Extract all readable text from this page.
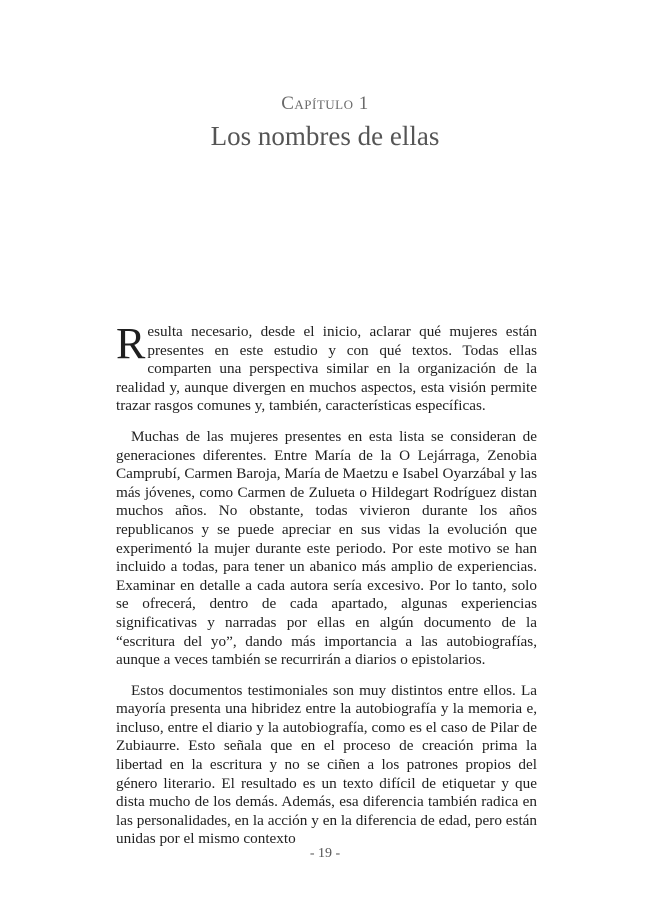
Capítulo 1
Los nombres de ellas

Resulta necesario, desde el inicio, aclarar qué mujeres están presentes en este estudio y con qué textos. Todas ellas comparten una perspectiva similar en la organización de la realidad y, aunque divergen en muchos aspectos, esta visión permite trazar rasgos comunes y, también, características específicas.

Muchas de las mujeres presentes en esta lista se consideran de generaciones diferentes. Entre María de la O Lejárraga, Zenobia Camprubí, Carmen Baroja, María de Maetzu e Isabel Oyarzábal y las más jóvenes, como Carmen de Zulueta o Hildegart Rodríguez distan muchos años. No obstante, todas vivieron durante los años republicanos y se puede apreciar en sus vidas la evolución que experimentó la mujer durante este periodo. Por este motivo se han incluido a todas, para tener un abanico más amplio de experiencias. Examinar en detalle a cada autora sería excesivo. Por lo tanto, solo se ofrecerá, dentro de cada apartado, algunas experiencias significativas y narradas por ellas en algún documento de la “escritura del yo”, dando más importancia a las autobiografías, aunque a veces también se recurrirán a diarios o epistolarios.

Estos documentos testimoniales son muy distintos entre ellos. La mayoría presenta una hibridez entre la autobiografía y la memoria e, incluso, entre el diario y la autobiografía, como es el caso de Pilar de Zubiaurre. Esto señala que en el proceso de creación prima la libertad en la escritura y no se ciñen a los patrones propios del género literario. El resultado es un texto difícil de etiquetar y que dista mucho de los demás. Además, esa diferencia también radica en las personalidades, en la acción y en la diferencia de edad, pero están unidas por el mismo contexto

- 19 -
